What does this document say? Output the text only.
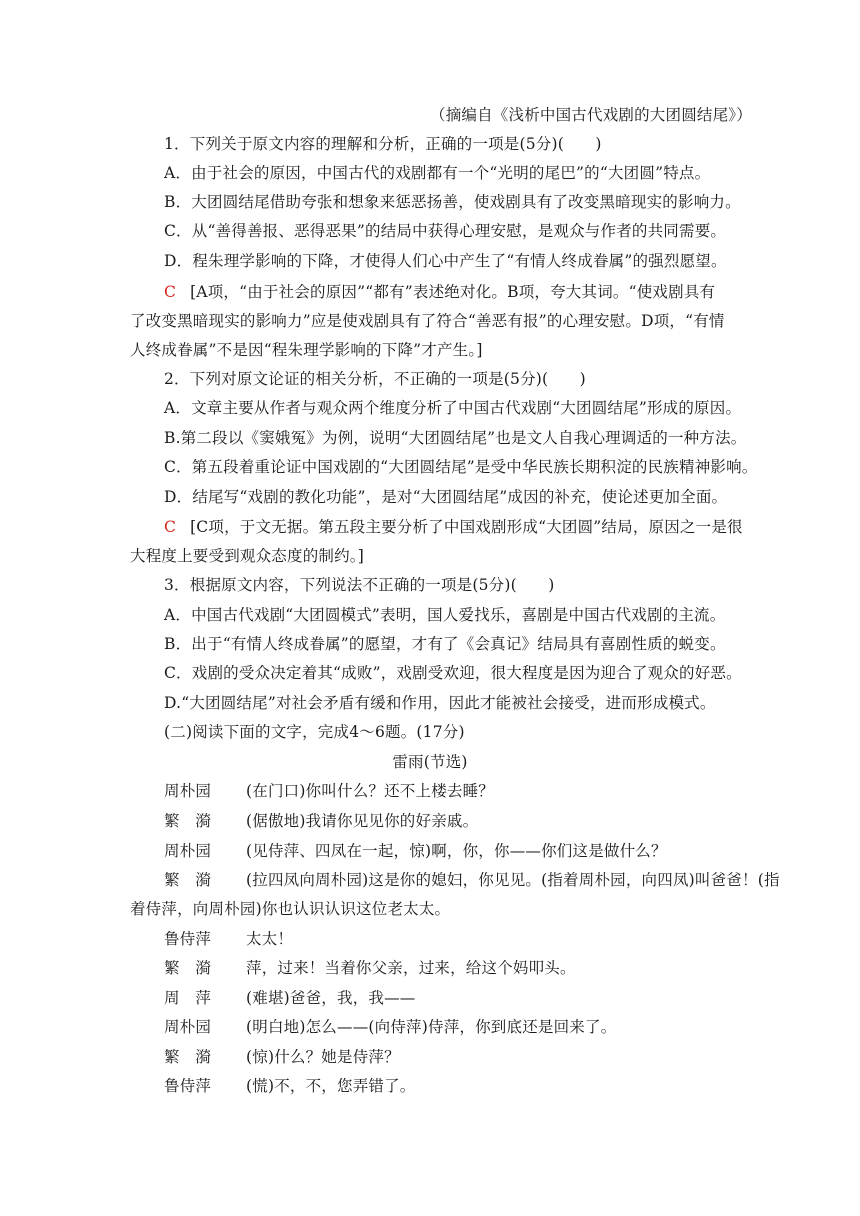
（摘编自《浅析中国古代戏剧的大团圆结尾》）
1．下列关于原文内容的理解和分析，正确的一项是(5分)(　　)
A．由于社会的原因，中国古代的戏剧都有一个“光明的尾巴”的“大团圆”特点。
B．大团圆结尾借助夸张和想象来惩恶扬善，使戏剧具有了改变黑暗现实的影响力。
C．从“善得善报、恶得恶果”的结局中获得心理安慰，是观众与作者的共同需要。
D．程朱理学影响的下降，才使得人们心中产生了“有情人终成眷属”的强烈愿望。
C [A项，“由于社会的原因”“都有”表述绝对化。B项，夸大其词。“使戏剧具有
了改变黑暗现实的影响力”应是使戏剧具有了符合“善恶有报”的心理安慰。D项，“有情
人终成眷属”不是因“程朱理学影响的下降”才产生。]
2．下列对原文论证的相关分析，不正确的一项是(5分)(　　)
A．文章主要从作者与观众两个维度分析了中国古代戏剧“大团圆结尾”形成的原因。
B.第二段以《窦娥冤》为例，说明“大团圆结尾”也是文人自我心理调适的一种方法。
C．第五段着重论证中国戏剧的“大团圆结尾”是受中华民族长期积淀的民族精神影响。
D．结尾写“戏剧的教化功能”，是对“大团圆结尾”成因的补充，使论述更加全面。
C [C项，于文无据。第五段主要分析了中国戏剧形成“大团圆”结局，原因之一是很
大程度上要受到观众态度的制约。]
3．根据原文内容，下列说法不正确的一项是(5分)(　　)
A．中国古代戏剧“大团圆模式”表明，国人爱找乐，喜剧是中国古代戏剧的主流。
B．出于“有情人终成眷属”的愿望，才有了《会真记》结局具有喜剧性质的蜕变。
C．戏剧的受众决定着其“成败”，戏剧受欢迎，很大程度是因为迎合了观众的好恶。
D.“大团圆结尾”对社会矛盾有缓和作用，因此才能被社会接受，进而形成模式。
(二)阅读下面的文字，完成4～6题。(17分)
雷雨(节选)
周朴园 (在门口)你叫什么？还不上楼去睡？
繁　漪 (倨傲地)我请你见见你的好亲戚。
周朴园 (见侍萍、四凤在一起，惊)啊，你，你——你们这是做什么？
繁　漪 (拉四凤向周朴园)这是你的媳妇，你见见。(指着周朴园，向四凤)叫爸爸！(指
着侍萍，向周朴园)你也认识认识这位老太太。
鲁侍萍 太太！
繁　漪 萍，过来！当着你父亲，过来，给这个妈叩头。
周　萍 (难堪)爸爸，我，我——
周朴园 (明白地)怎么——(向侍萍)侍萍，你到底还是回来了。
繁　漪 (惊)什么？她是侍萍？
鲁侍萍 (慌)不，不，您弄错了。
